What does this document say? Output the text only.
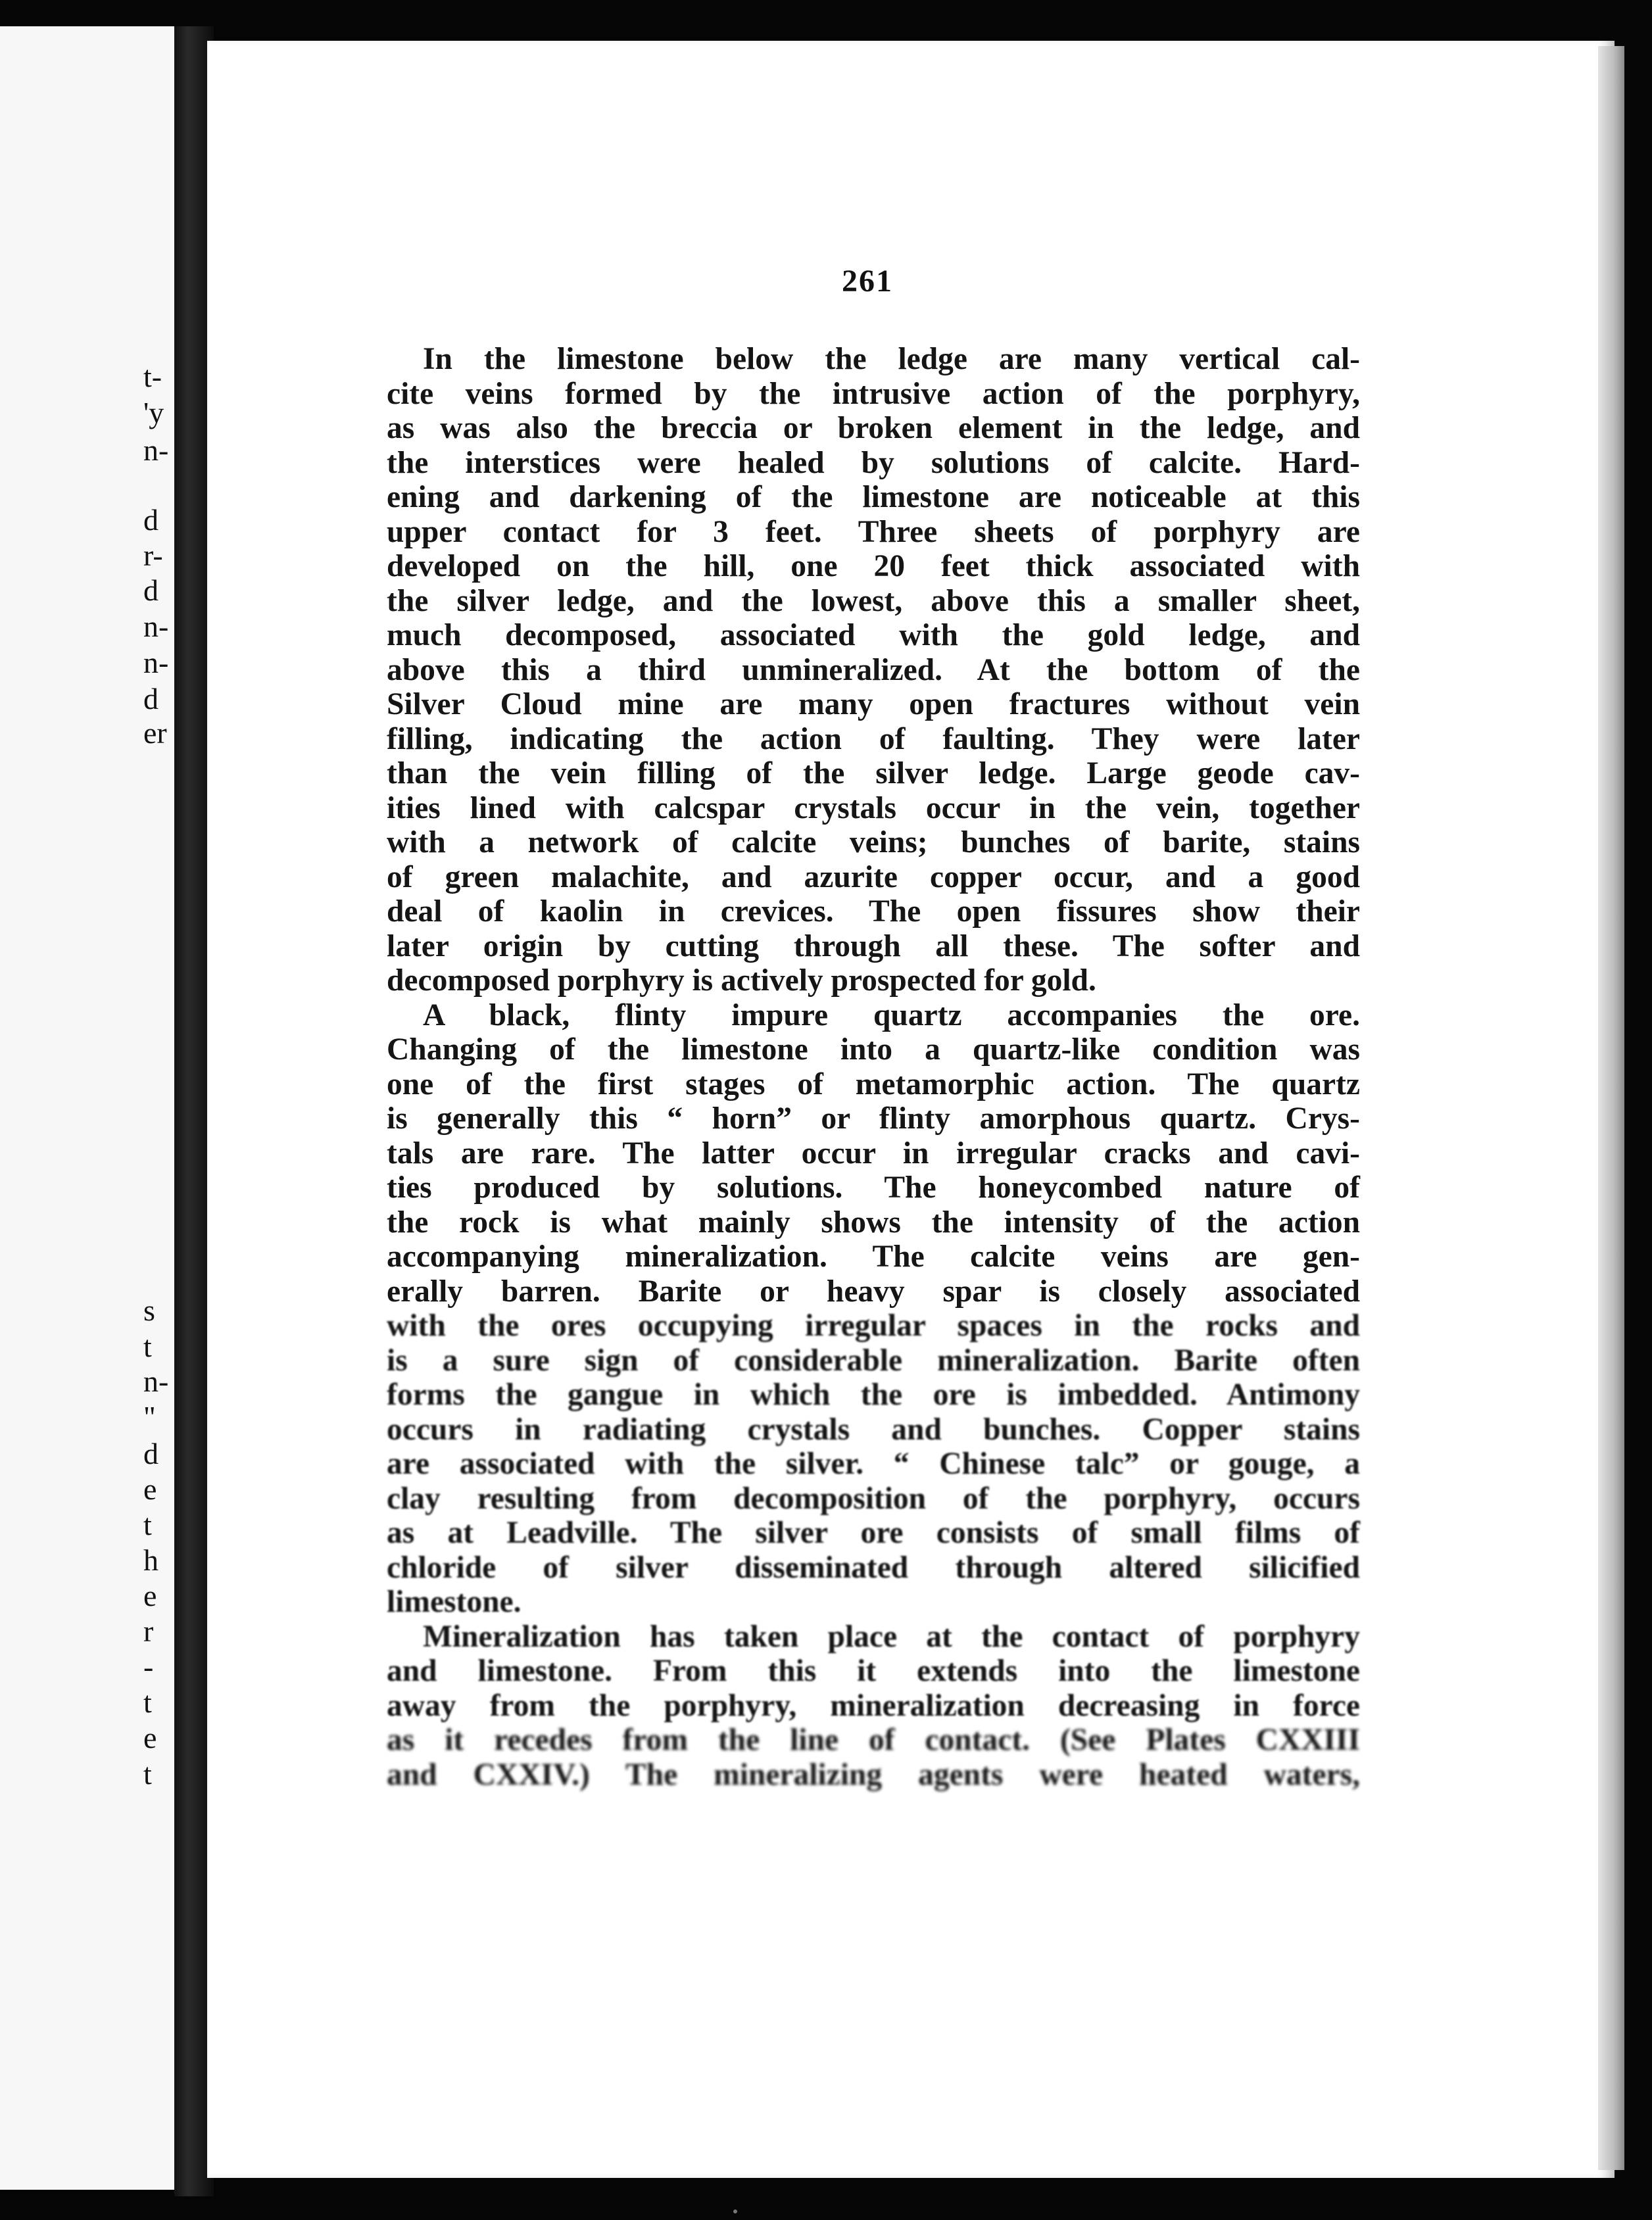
t-
'y
n-
d
r-
d
n-
n-
d
er
s
t
n-
"
d
e
t
h
e
r
-
t
e
t
261
In the limestone below the ledge are many vertical cal-
cite veins formed by the intrusive action of the porphyry,
as was also the breccia or broken element in the ledge, and
the interstices were healed by solutions of calcite. Hard-
ening and darkening of the limestone are noticeable at this
upper contact for 3 feet. Three sheets of porphyry are
developed on the hill, one 20 feet thick associated with
the silver ledge, and the lowest, above this a smaller sheet,
much decomposed, associated with the gold ledge, and
above this a third unmineralized. At the bottom of the
Silver Cloud mine are many open fractures without vein
filling, indicating the action of faulting. They were later
than the vein filling of the silver ledge. Large geode cav-
ities lined with calcspar crystals occur in the vein, together
with a network of calcite veins; bunches of barite, stains
of green malachite, and azurite copper occur, and a good
deal of kaolin in crevices. The open fissures show their
later origin by cutting through all these. The softer and
decomposed porphyry is actively prospected for gold.
A black, flinty impure quartz accompanies the ore.
Changing of the limestone into a quartz-like condition was
one of the first stages of metamorphic action. The quartz
is generally this “ horn” or flinty amorphous quartz. Crys-
tals are rare. The latter occur in irregular cracks and cavi-
ties produced by solutions. The honeycombed nature of
the rock is what mainly shows the intensity of the action
accompanying mineralization. The calcite veins are gen-
erally barren. Barite or heavy spar is closely associated
with the ores occupying irregular spaces in the rocks and
is a sure sign of considerable mineralization. Barite often
forms the gangue in which the ore is imbedded. Antimony
occurs in radiating crystals and bunches. Copper stains
are associated with the silver. “ Chinese talc” or gouge, a
clay resulting from decomposition of the porphyry, occurs
as at Leadville. The silver ore consists of small films of
chloride of silver disseminated through altered silicified
limestone.
Mineralization has taken place at the contact of porphyry
and limestone. From this it extends into the limestone
away from the porphyry, mineralization decreasing in force
as it recedes from the line of contact. (See Plates CXXIII
and CXXIV.) The mineralizing agents were heated waters,
